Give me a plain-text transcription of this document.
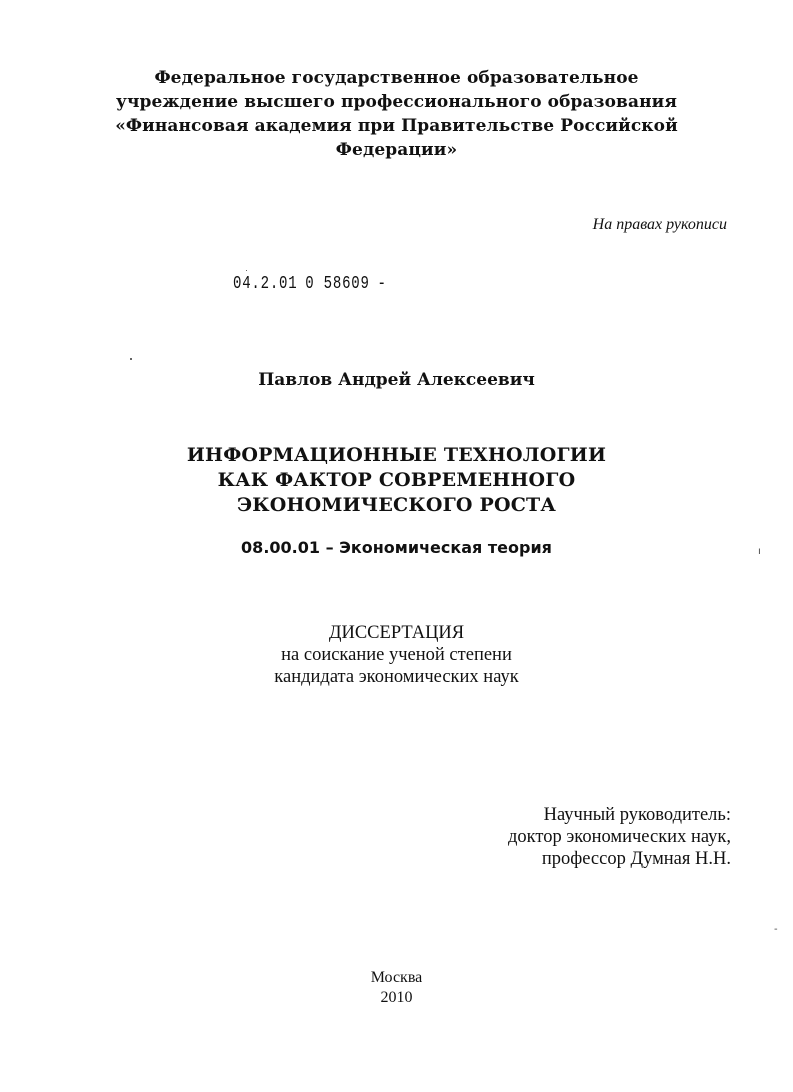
Федеральное государственное образовательное
учреждение высшего профессионального образования
«Финансовая академия при Правительстве Российской
Федерации»
На правах рукописи
04.2.01 0 58609 -
ı
-
Павлов Андрей Алексеевич
ИНФОРМАЦИОННЫЕ ТЕХНОЛОГИИ
КАК ФАКТОР СОВРЕМЕННОГО
ЭКОНОМИЧЕСКОГО РОСТА
08.00.01 – Экономическая теория
ДИССЕРТАЦИЯ
на соискание ученой степени
кандидата экономических наук
Научный руководитель:
доктор экономических наук,
профессор Думная Н.Н.
Москва
2010
